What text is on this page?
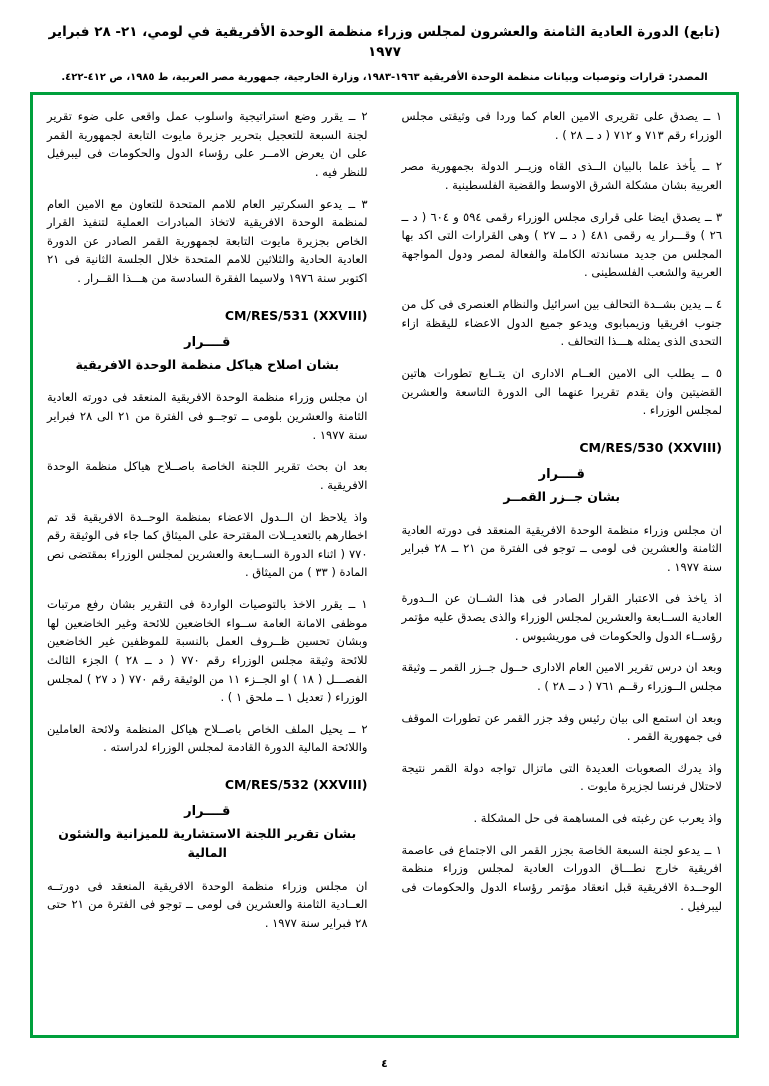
(تابع) الدورة العادية الثامنة والعشرون لمجلس وزراء منظمة الوحدة الأفريقية في لومي، ٢١- ٢٨ فبراير ١٩٧٧
المصدر: قرارات وتوصيات وبيانات منظمة الوحدة الأفريقية ١٩٦٣-١٩٨٣، وزارة الخارجية، جمهورية مصر العربية، ط ١٩٨٥، ص ٤١٢-٤٢٢.

١ ــ يصدق على تقريرى الامين العام كما وردا فى وثيقتى مجلس الوزراء رقم ٧١٣ و ٧١٢ ( د ــ ٢٨ ) .

٢ ــ يأخذ علما بالبيان الــذى القاه وزيــر الدولة بجمهورية مصر العربية بشان مشكلة الشرق الاوسط والقضية الفلسطينية .

٣ ــ يصدق ايضا على قرارى مجلس الوزراء رقمى ٥٩٤ و ٦٠٤ ( د ــ ٢٦ ) وقـــرار يه رقمى ٤٨١ ( د ــ ٢٧ ) وهى القرارات التى اكد بها المجلس من جديد مساندته الكاملة والفعالة لمصر ودول المواجهة العربية والشعب الفلسطينى .

٤ ــ يدين بشــدة التحالف بين اسرائيل والنظام العنصرى فى كل من جنوب افريقيا وزيمبابوى ويدعو جميع الدول الاعضاء لليقظة ازاء التحدى الذى يمثله هـــذا التحالف .

٥ ــ يطلب الى الامين العــام الادارى ان يتــابع تطورات هاتين القضيتين وان يقدم تقريرا عنهما الى الدورة التاسعة والعشرين لمجلس الوزراء .

CM/RES/530 (XXVIII)
قــــرار
بشان جــزر القمــر

ان مجلس وزراء منظمة الوحدة الافريقية المنعقد فى دورته العادية الثامنة والعشرين فى لومى ــ توجو فى الفترة من ٢١ ــ ٢٨ فبراير سنة ١٩٧٧ .

اذ ياخذ فى الاعتبار القرار الصادر فى هذا الشــان عن الــدورة العادية الســابعة والعشرين لمجلس الوزراء والذى يصدق عليه مؤتمر رؤســاء الدول والحكومات فى موريشيوس .

وبعد ان درس تقرير الامين العام الادارى حــول جــزر القمر ــ وثيقة مجلس الــوزراء رقــم ٧٦١ ( د ــ ٢٨ ) .

وبعد ان استمع الى بيان رئيس وفد جزر القمر عن تطورات الموقف فى جمهورية القمر .

واذ يدرك الصعوبات العديدة التى ماتزال تواجه دولة القمر نتيجة لاحتلال فرنسا لجزيرة مايوت .

واذ يعرب عن رغبته فى المساهمة فى حل المشكلة .

١ ــ يدعو لجنة السبعة الخاصة بجزر القمر الى الاجتماع فى عاصمة افريقية خارج نطـــاق الدورات العادية لمجلس وزراء منظمة الوحــدة الافريقية قبل انعقاد مؤتمر رؤساء الدول والحكومات فى ليبرفيل .

٢ ــ يقرر وضع استراتيجية واسلوب عمل واقعى على ضوء تقرير لجنة السبعة للتعجيل بتحرير جزيرة مايوت التابعة لجمهورية القمر على ان يعرض الامــر على رؤساء الدول والحكومات فى ليبرفيل للنظر فيه .

٣ ــ يدعو السكرتير العام للامم المتحدة للتعاون مع الامين العام لمنظمة الوحدة الافريقية لاتخاذ المبادرات العملية لتنفيذ القرار الخاص بجزيرة مايوت التابعة لجمهورية القمر الصادر عن الدورة العادية الحادية والثلاثين للامم المتحدة خلال الجلسة الثانية فى ٢١ اكتوبر سنة ١٩٧٦ ولاسيما الفقرة السادسة من هـــذا القــرار .

CM/RES/531 (XXVIII)
قــــرار
بشان اصلاح هياكل منظمة الوحدة الافريقية

ان مجلس وزراء منظمة الوحدة الافريقية المنعقد فى دورته العادية الثامنة والعشرين بلومى ــ توجــو فى الفترة من ٢١ الى ٢٨ فبراير سنة ١٩٧٧ .

بعد ان بحث تقرير اللجنة الخاصة باصــلاح هياكل منظمة الوحدة الافريقية .

واذ يلاحظ ان الــدول الاعضاء بمنظمة الوحــدة الافريقية قد تم اخطارهم بالتعديــلات المقترحة على الميثاق كما جاء فى الوثيقة رقم ٧٧٠ ( اثناء الدورة الســابعة والعشرين لمجلس الوزراء بمقتضى نص المادة ( ٣٣ ) من الميثاق .

١ ــ يقرر الاخذ بالتوصيات الواردة فى التقرير بشان رفع مرتبات موظفى الامانة العامة ســواء الخاضعين للائحة وغير الخاضعين لها وبشان تحسين ظــروف العمل بالنسبة للموظفين غير الخاضعين للائحة وثيقة مجلس الوزراء رقم ٧٧٠ ( د ــ ٢٨ ) الجزء الثالث الفصـــل ( ١٨ ) او الجــزء ١١ من الوثيقة رقم ٧٧٠ ( د ٢٧ ) لمجلس الوزراء ( تعديل ١ ــ ملحق ١ ) .

٢ ــ يحيل الملف الخاص باصــلاح هياكل المنظمة ولائحة العاملين واللائحة المالية الدورة القادمة لمجلس الوزراء لدراسته .

CM/RES/532 (XXVIII)
قــــرار
بشان تقرير اللجنة الاستشارية للميزانية والشئون المالية

ان مجلس وزراء منظمة الوحدة الافريقية المنعقد فى دورتــه العــادية الثامنة والعشرين فى لومى ــ توجو فى الفترة من ٢١ حتى ٢٨ فبراير سنة ١٩٧٧ .

٤
